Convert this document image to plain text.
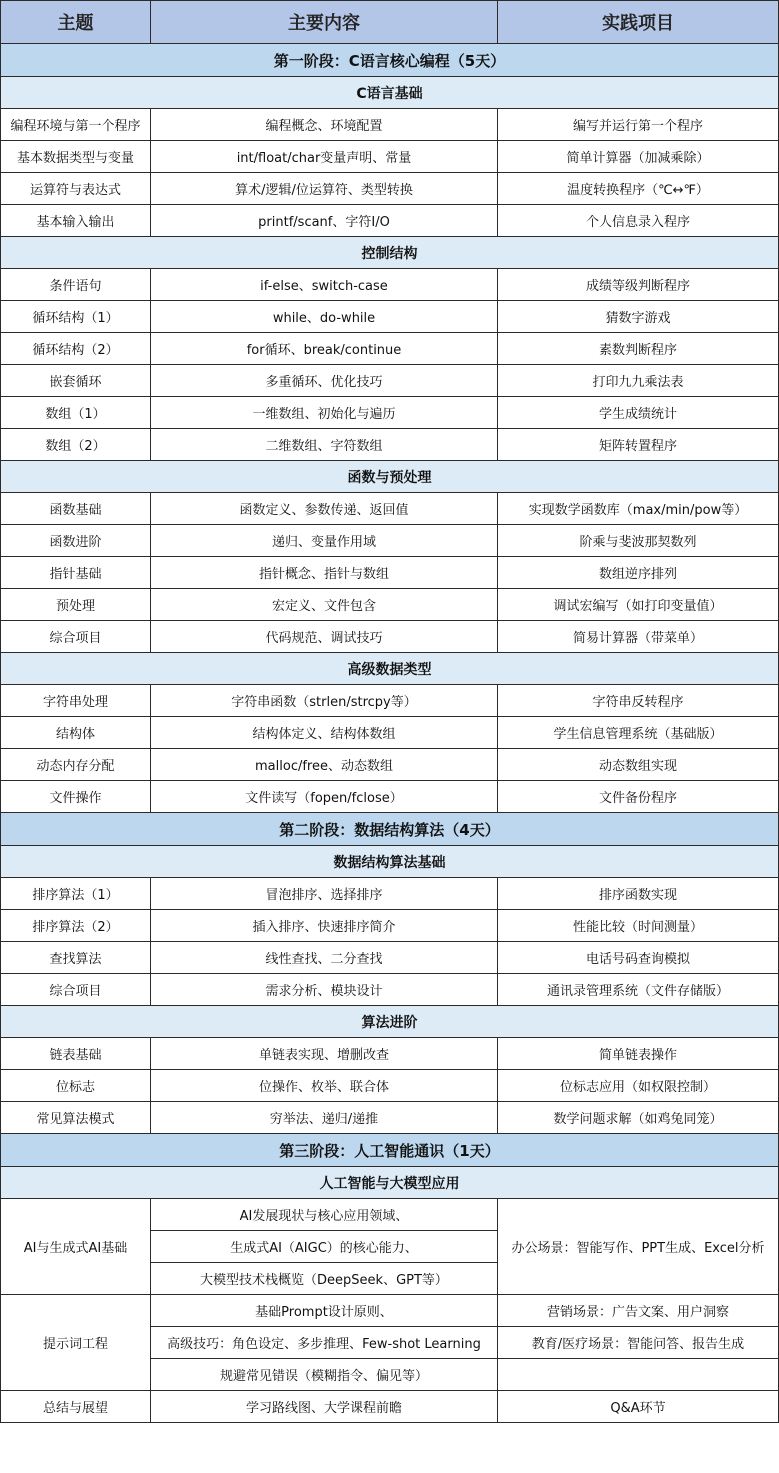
主题	主要内容	实践项目
第一阶段：C语言核心编程（5天）		
C语言基础		
编程环境与第一个程序	编程概念、环境配置	编写并运行第一个程序
基本数据类型与变量	int/float/char变量声明、常量	简单计算器（加减乘除）
运算符与表达式	算术/逻辑/位运算符、类型转换	温度转换程序（℃↔℉）
基本输入输出	printf/scanf、字符I/O	个人信息录入程序
控制结构		
条件语句	if-else、switch-case	成绩等级判断程序
循环结构（1）	while、do-while	猜数字游戏
循环结构（2）	for循环、break/continue	素数判断程序
嵌套循环	多重循环、优化技巧	打印九九乘法表
数组（1）	一维数组、初始化与遍历	学生成绩统计
数组（2）	二维数组、字符数组	矩阵转置程序
函数与预处理		
函数基础	函数定义、参数传递、返回值	实现数学函数库（max/min/pow等）
函数进阶	递归、变量作用域	阶乘与斐波那契数列
指针基础	指针概念、指针与数组	数组逆序排列
预处理	宏定义、文件包含	调试宏编写（如打印变量值）
综合项目	代码规范、调试技巧	简易计算器（带菜单）
高级数据类型		
字符串处理	字符串函数（strlen/strcpy等）	字符串反转程序
结构体	结构体定义、结构体数组	学生信息管理系统（基础版）
动态内存分配	malloc/free、动态数组	动态数组实现
文件操作	文件读写（fopen/fclose）	文件备份程序
第二阶段：数据结构算法（4天）		
数据结构算法基础		
排序算法（1）	冒泡排序、选择排序	排序函数实现
排序算法（2）	插入排序、快速排序简介	性能比较（时间测量）
查找算法	线性查找、二分查找	电话号码查询模拟
综合项目	需求分析、模块设计	通讯录管理系统（文件存储版）
算法进阶		
链表基础	单链表实现、增删改查	简单链表操作
位标志	位操作、枚举、联合体	位标志应用（如权限控制）
常见算法模式	穷举法、递归/递推	数学问题求解（如鸡兔同笼）
第三阶段：人工智能通识（1天）		
人工智能与大模型应用		
AI与生成式AI基础	AI发展现状与核心应用领域、	办公场景：智能写作、PPT生成、Excel分析
	生成式AI（AIGC）的核心能力、	
	大模型技术栈概览（DeepSeek、GPT等）	
提示词工程	基础Prompt设计原则、	营销场景：广告文案、用户洞察
	高级技巧：角色设定、多步推理、Few-shot Learning	教育/医疗场景：智能问答、报告生成
	规避常见错误（模糊指令、偏见等）	
总结与展望	学习路线图、大学课程前瞻	Q&A环节
